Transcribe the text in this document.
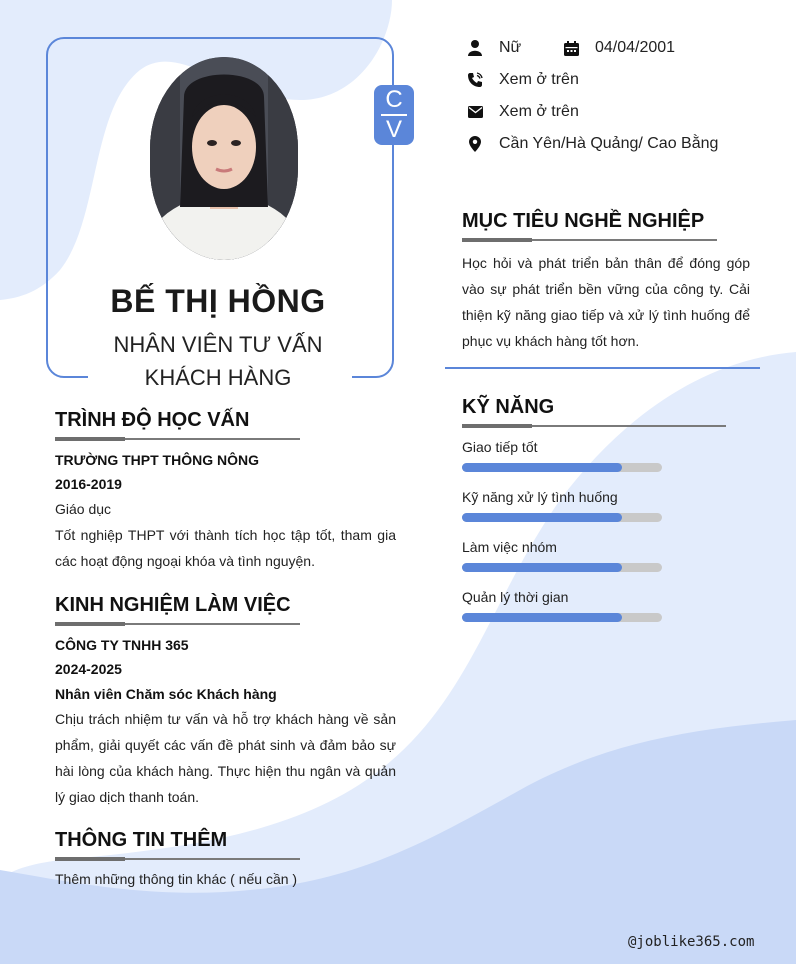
C
V
BẾ THỊ HỒNG
NHÂN VIÊN TƯ VẤN
KHÁCH HÀNG
Nữ
Xem ở trên
Xem ở trên
Cần Yên/Hà Quảng/ Cao Bằng
04/04/2001
MỤC TIÊU NGHỀ NGHIỆP

Học hỏi và phát triển bản thân để đóng góp vào sự phát triển bền vững của công ty. Cải thiện kỹ năng giao tiếp và xử lý tình huống để phục vụ khách hàng tốt hơn.

KỸ NĂNG
Giao tiếp tốt
Kỹ năng xử lý tình huống
Làm việc nhóm
Quản lý thời gian
TRÌNH ĐỘ HỌC VẤN
TRƯỜNG THPT THÔNG NÔNG
2016-2019
Giáo dục

Tốt nghiệp THPT với thành tích học tập tốt, tham gia các hoạt động ngoại khóa và tình nguyện.

KINH NGHIỆM LÀM VIỆC
CÔNG TY TNHH 365
2024-2025
Nhân viên Chăm sóc Khách hàng

Chịu trách nhiệm tư vấn và hỗ trợ khách hàng về sản phẩm, giải quyết các vấn đề phát sinh và đảm bảo sự hài lòng của khách hàng. Thực hiện thu ngân và quản lý giao dịch thanh toán.

THÔNG TIN THÊM
Thêm những thông tin khác ( nếu cần )
@joblike365.com
